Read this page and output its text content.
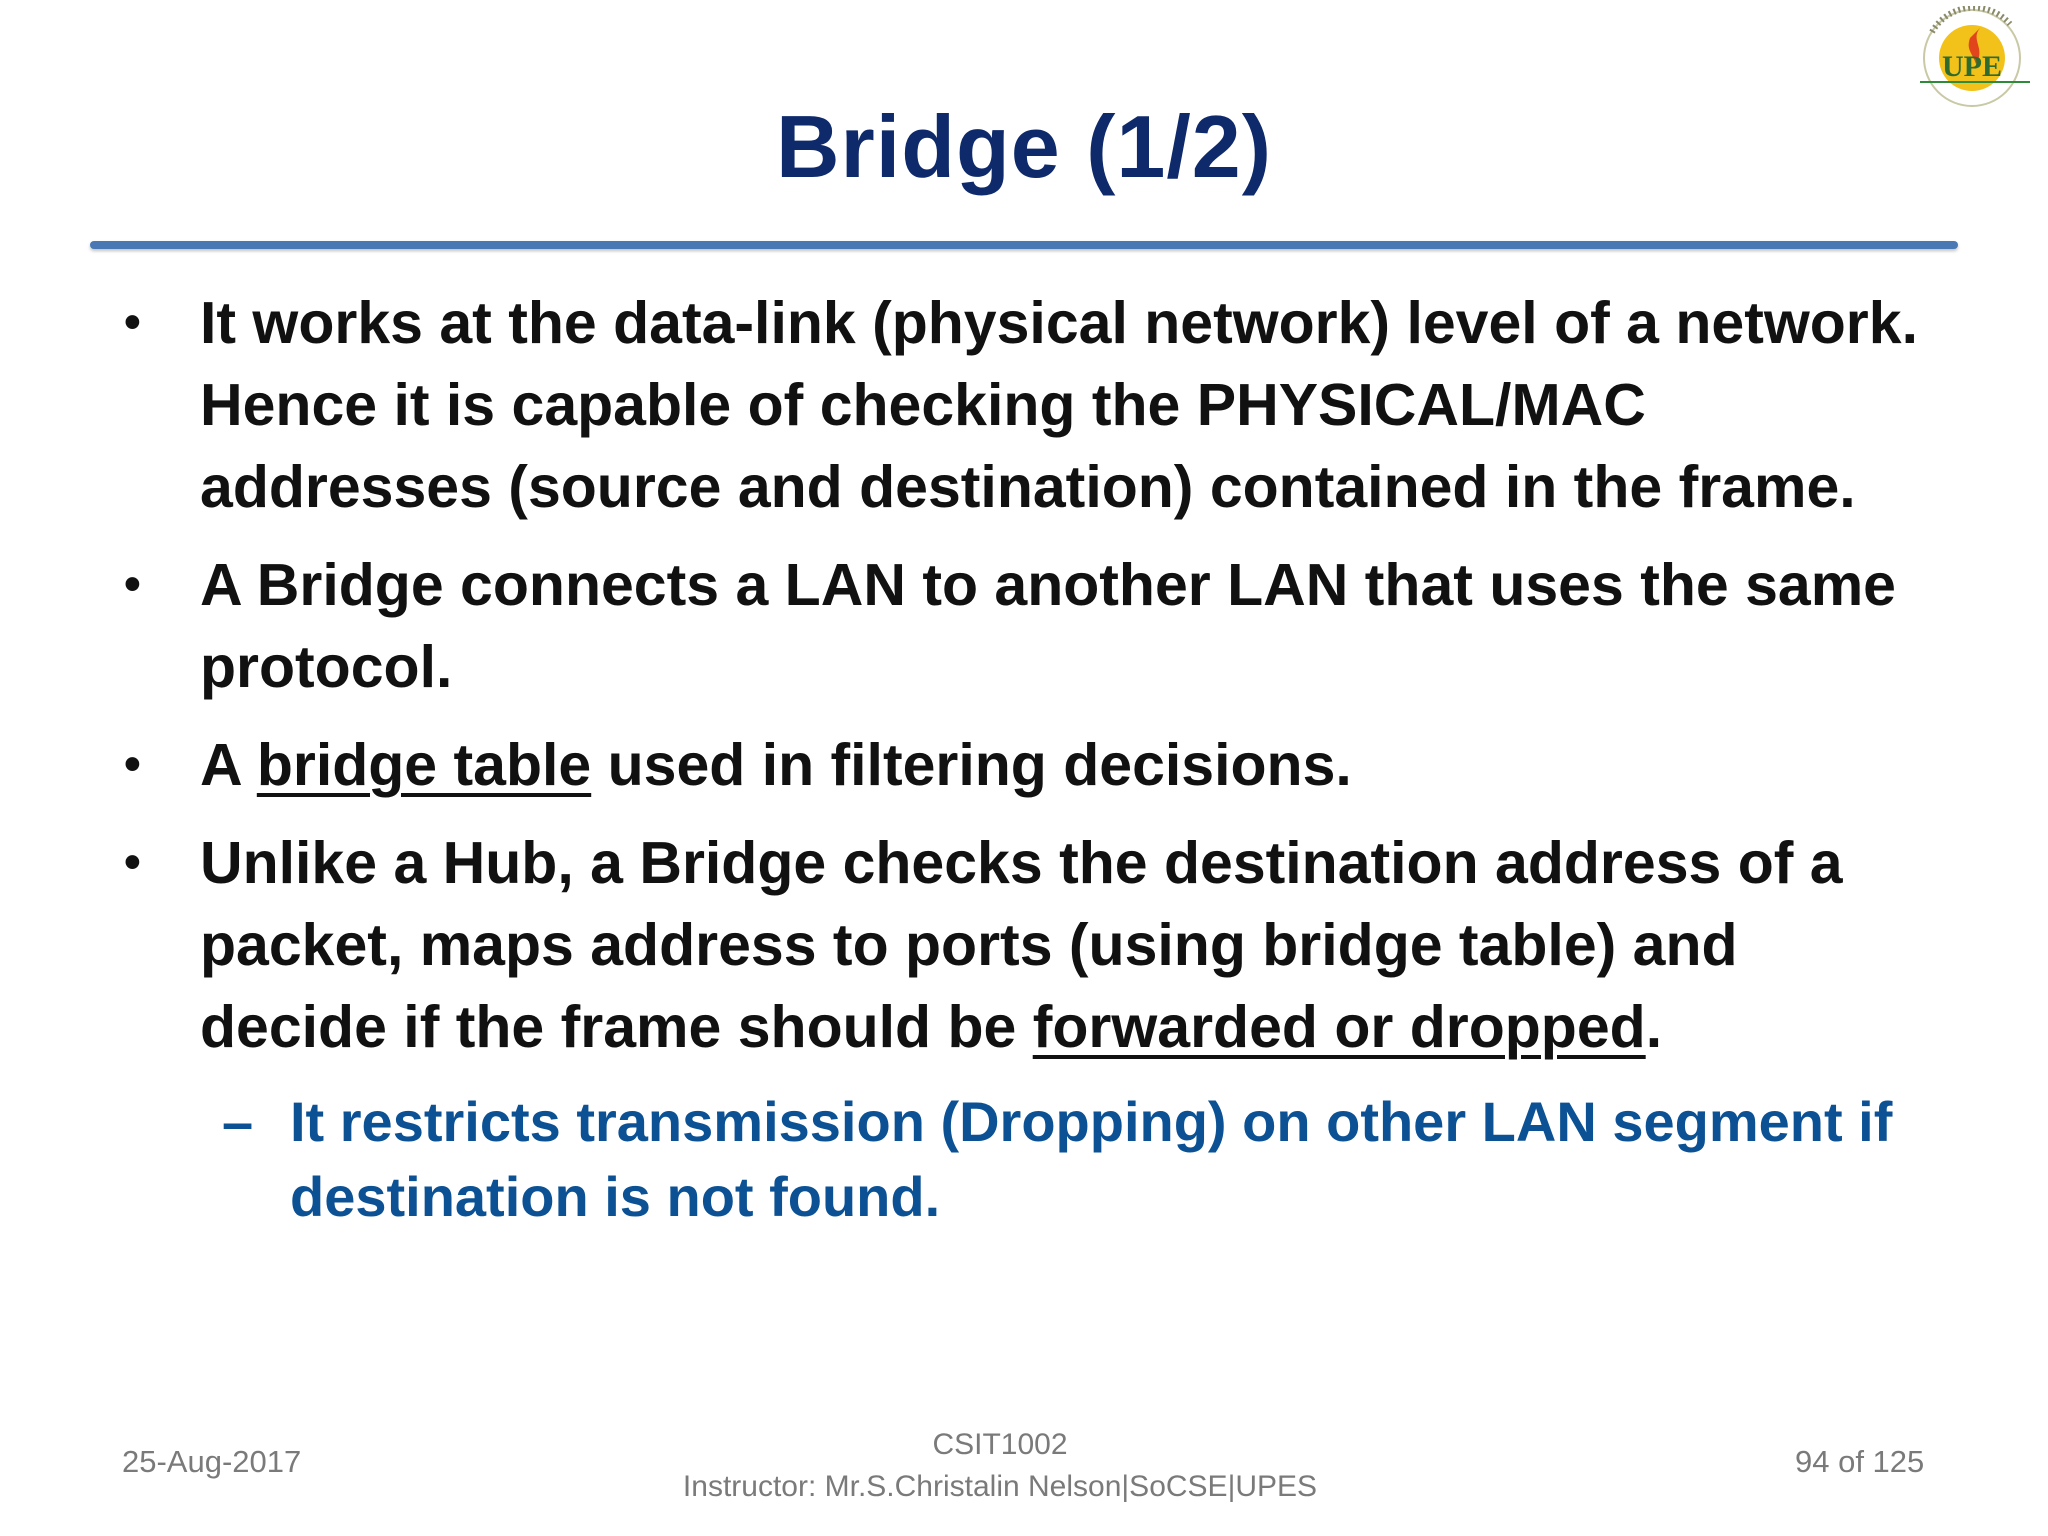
UPE
Bridge (1/2)
• It works at the data-link (physical network) level of a network. Hence it is capable of checking the PHYSICAL/MAC addresses (source and destination) contained in the frame.
• A Bridge connects a LAN to another LAN that uses the same protocol.
• A bridge table used in filtering decisions.
• Unlike a Hub, a Bridge checks the destination address of a packet, maps address to ports (using bridge table) and decide if the frame should be forwarded or dropped.
– It restricts transmission (Dropping) on other LAN segment if destination is not found.
25-Aug-2017	CSIT1002
Instructor: Mr.S.Christalin Nelson|SoCSE|UPES
94 of 125
